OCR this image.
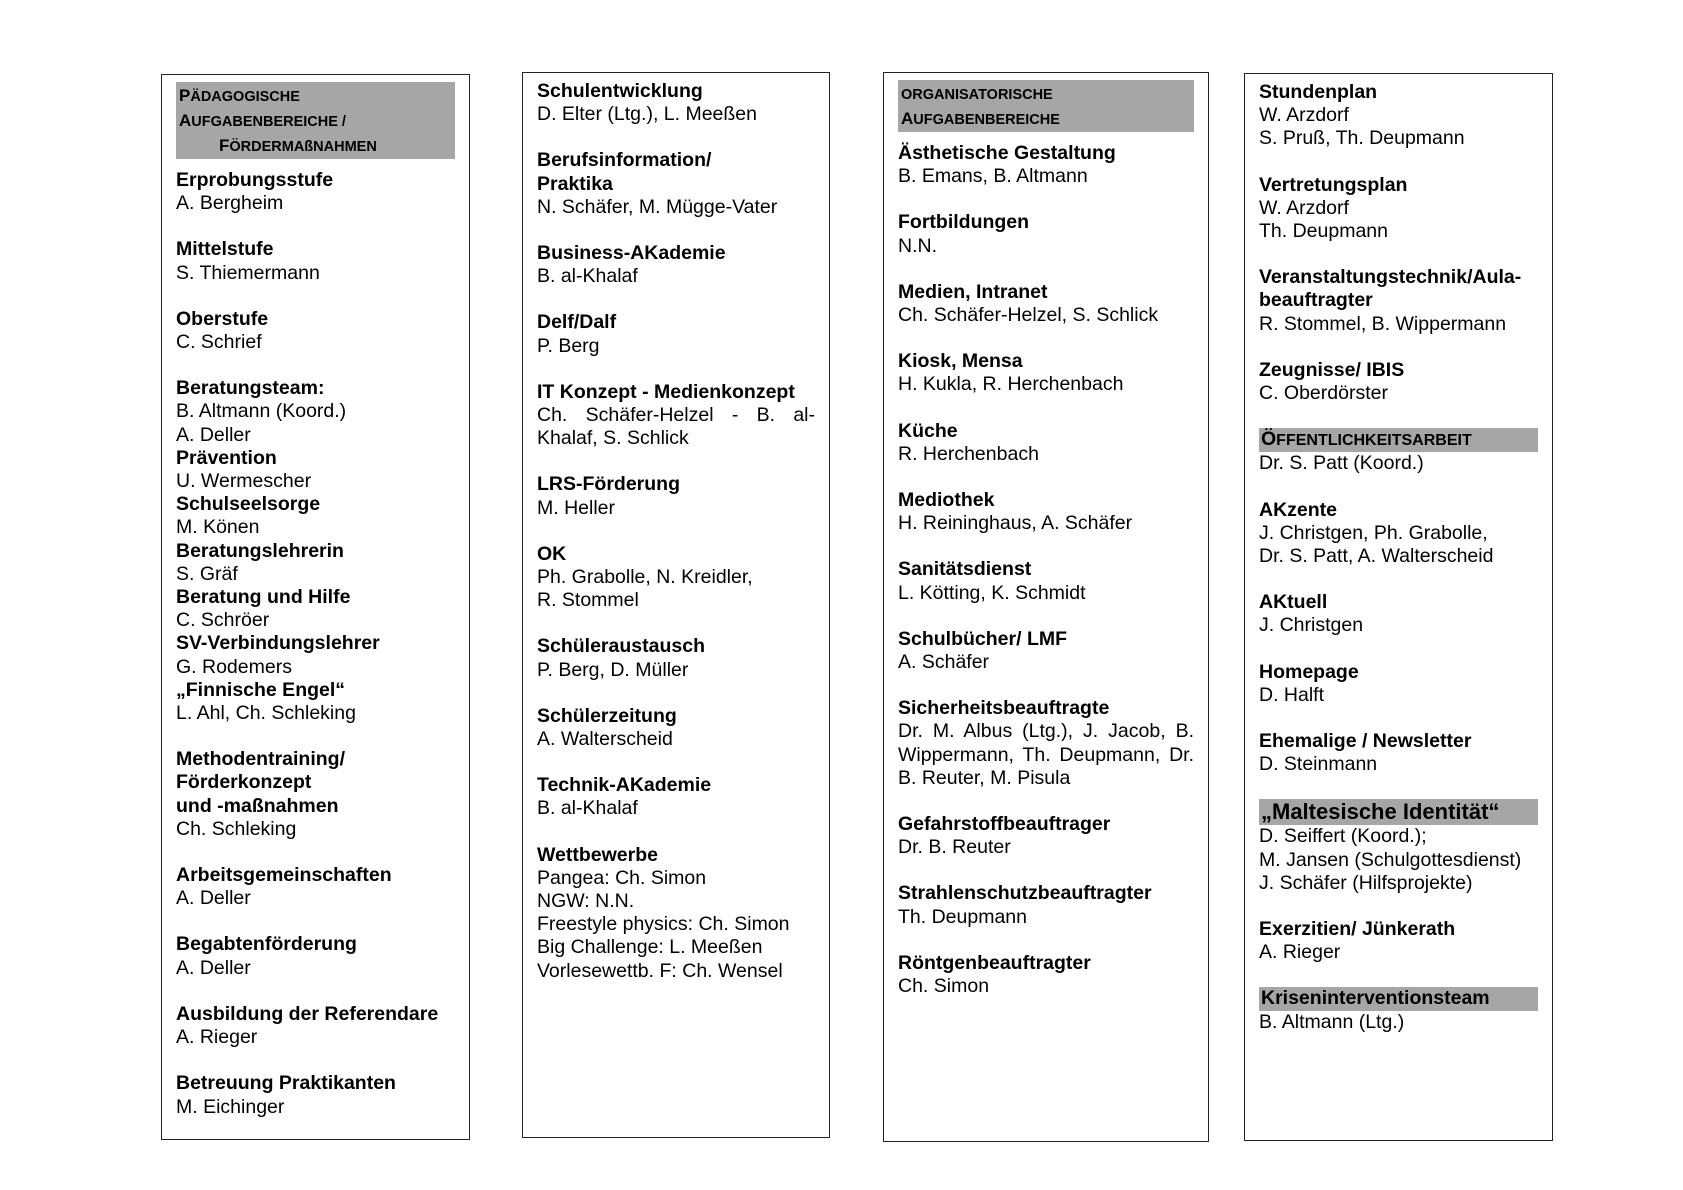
PÄDAGOGISCHE
AUFGABENBEREICHE /
FÖRDERMAßNAHMEN
Erprobungsstufe
A. Bergheim
Mittelstufe
S. Thiemermann
Oberstufe
C. Schrief
Beratungsteam:
B. Altmann (Koord.)
A. Deller
Prävention
U. Wermescher
Schulseelsorge
M. Könen
Beratungslehrerin
S. Gräf
Beratung und Hilfe
C. Schröer
SV-Verbindungslehrer
G. Rodemers
„Finnische Engel“
L. Ahl, Ch. Schleking
Methodentraining/
Förderkonzept
und -maßnahmen
Ch. Schleking
Arbeitsgemeinschaften
A. Deller
Begabtenförderung
A. Deller
Ausbildung der Referendare
A. Rieger
Betreuung Praktikanten
M. Eichinger
Schulentwicklung
D. Elter (Ltg.), L. Meeßen
Berufsinformation/
Praktika
N. Schäfer, M. Mügge-Vater
Business-AKademie
B. al-Khalaf
Delf/Dalf
P. Berg
IT Konzept - Medienkonzept
Ch. Schäfer-Helzel - B. al-Khalaf, S. Schlick
LRS-Förderung
M. Heller
OK
Ph. Grabolle, N. Kreidler,
R. Stommel
Schüleraustausch
P. Berg, D. Müller
Schülerzeitung
A. Walterscheid
Technik-AKademie
B. al-Khalaf
Wettbewerbe
Pangea: Ch. Simon
NGW: N.N.
Freestyle physics: Ch. Simon
Big Challenge: L. Meeßen
Vorlesewettb. F: Ch. Wensel
ORGANISATORISCHE
AUFGABENBEREICHE
Ästhetische Gestaltung
B. Emans, B. Altmann
Fortbildungen
N.N.
Medien, Intranet
Ch. Schäfer-Helzel, S. Schlick
Kiosk, Mensa
H. Kukla, R. Herchenbach
Küche
R. Herchenbach
Mediothek
H. Reininghaus, A. Schäfer
Sanitätsdienst
L. Kötting, K. Schmidt
Schulbücher/ LMF
A. Schäfer
Sicherheitsbeauftragte
Dr. M. Albus (Ltg.), J. Jacob, B. Wippermann, Th. Deupmann, Dr. B. Reuter, M. Pisula
Gefahrstoffbeauftrager
Dr. B. Reuter
Strahlenschutzbeauftragter
Th. Deupmann
Röntgenbeauftragter
Ch. Simon
Stundenplan
W. Arzdorf
S. Pruß, Th. Deupmann
Vertretungsplan
W. Arzdorf
Th. Deupmann
Veranstaltungstechnik/Aula-
beauftragter
R. Stommel, B. Wippermann
Zeugnisse/ IBIS
C. Oberdörster
ÖFFENTLICHKEITSARBEIT
Dr. S. Patt (Koord.)
AKzente
J. Christgen, Ph. Grabolle,
Dr. S. Patt, A. Walterscheid
AKtuell
J. Christgen
Homepage
D. Halft
Ehemalige / Newsletter
D. Steinmann
„Maltesische Identität“
D. Seiffert (Koord.);
M. Jansen (Schulgottesdienst)
J. Schäfer (Hilfsprojekte)
Exerzitien/ Jünkerath
A. Rieger
Kriseninterventionsteam
B. Altmann (Ltg.)
